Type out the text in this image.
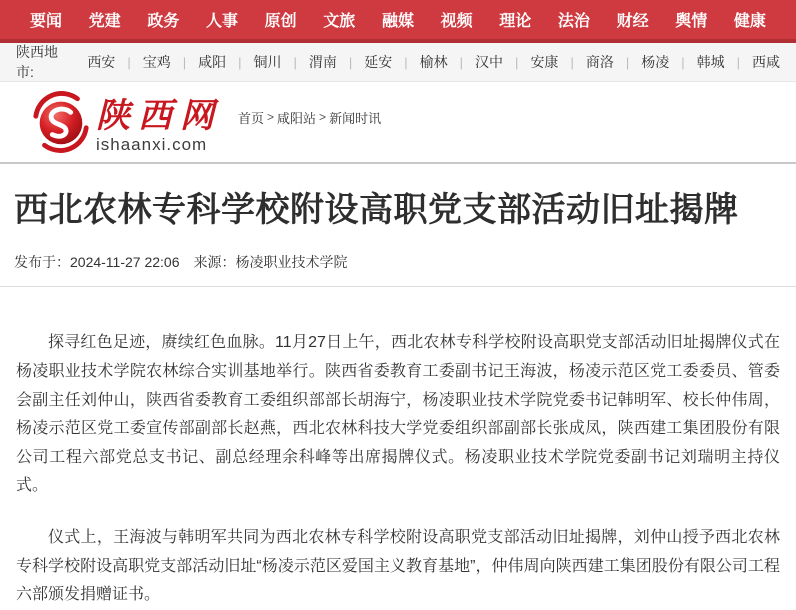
要闻 党建 政务 人事 原创 文旅 融媒 视频 理论 法治 财经 舆情 健康
陕西地市:
西安 | 宝鸡 | 咸阳 | 铜川 | 渭南 | 延安 | 榆林 | 汉中 | 安康 | 商洛 | 杨凌 | 韩城 | 西咸
陕西网
ishaanxi.com
首页 > 咸阳站 > 新闻时讯
西北农林专科学校附设高职党支部活动旧址揭牌
发布于：2024-11-27 22:06 来源：杨凌职业技术学院

探寻红色足迹，赓续红色血脉。11月27日上午，西北农林专科学校附设高职党支部活动旧址揭牌仪式在杨凌职业技术学院农林综合实训基地举行。陕西省委教育工委副书记王海波，杨凌示范区党工委委员、管委会副主任刘仲山，陕西省委教育工委组织部部长胡海宁，杨凌职业技术学院党委书记韩明军、校长仲伟周，杨凌示范区党工委宣传部副部长赵燕，西北农林科技大学党委组织部副部长张成凤，陕西建工集团股份有限公司工程六部党总支书记、副总经理余科峰等出席揭牌仪式。杨凌职业技术学院党委副书记刘瑞明主持仪式。

仪式上，王海波与韩明军共同为西北农林专科学校附设高职党支部活动旧址揭牌，刘仲山授予西北农林专科学校附设高职党支部活动旧址“杨凌示范区爱国主义教育基地”，仲伟周向陕西建工集团股份有限公司工程六部颁发捐赠证书。
